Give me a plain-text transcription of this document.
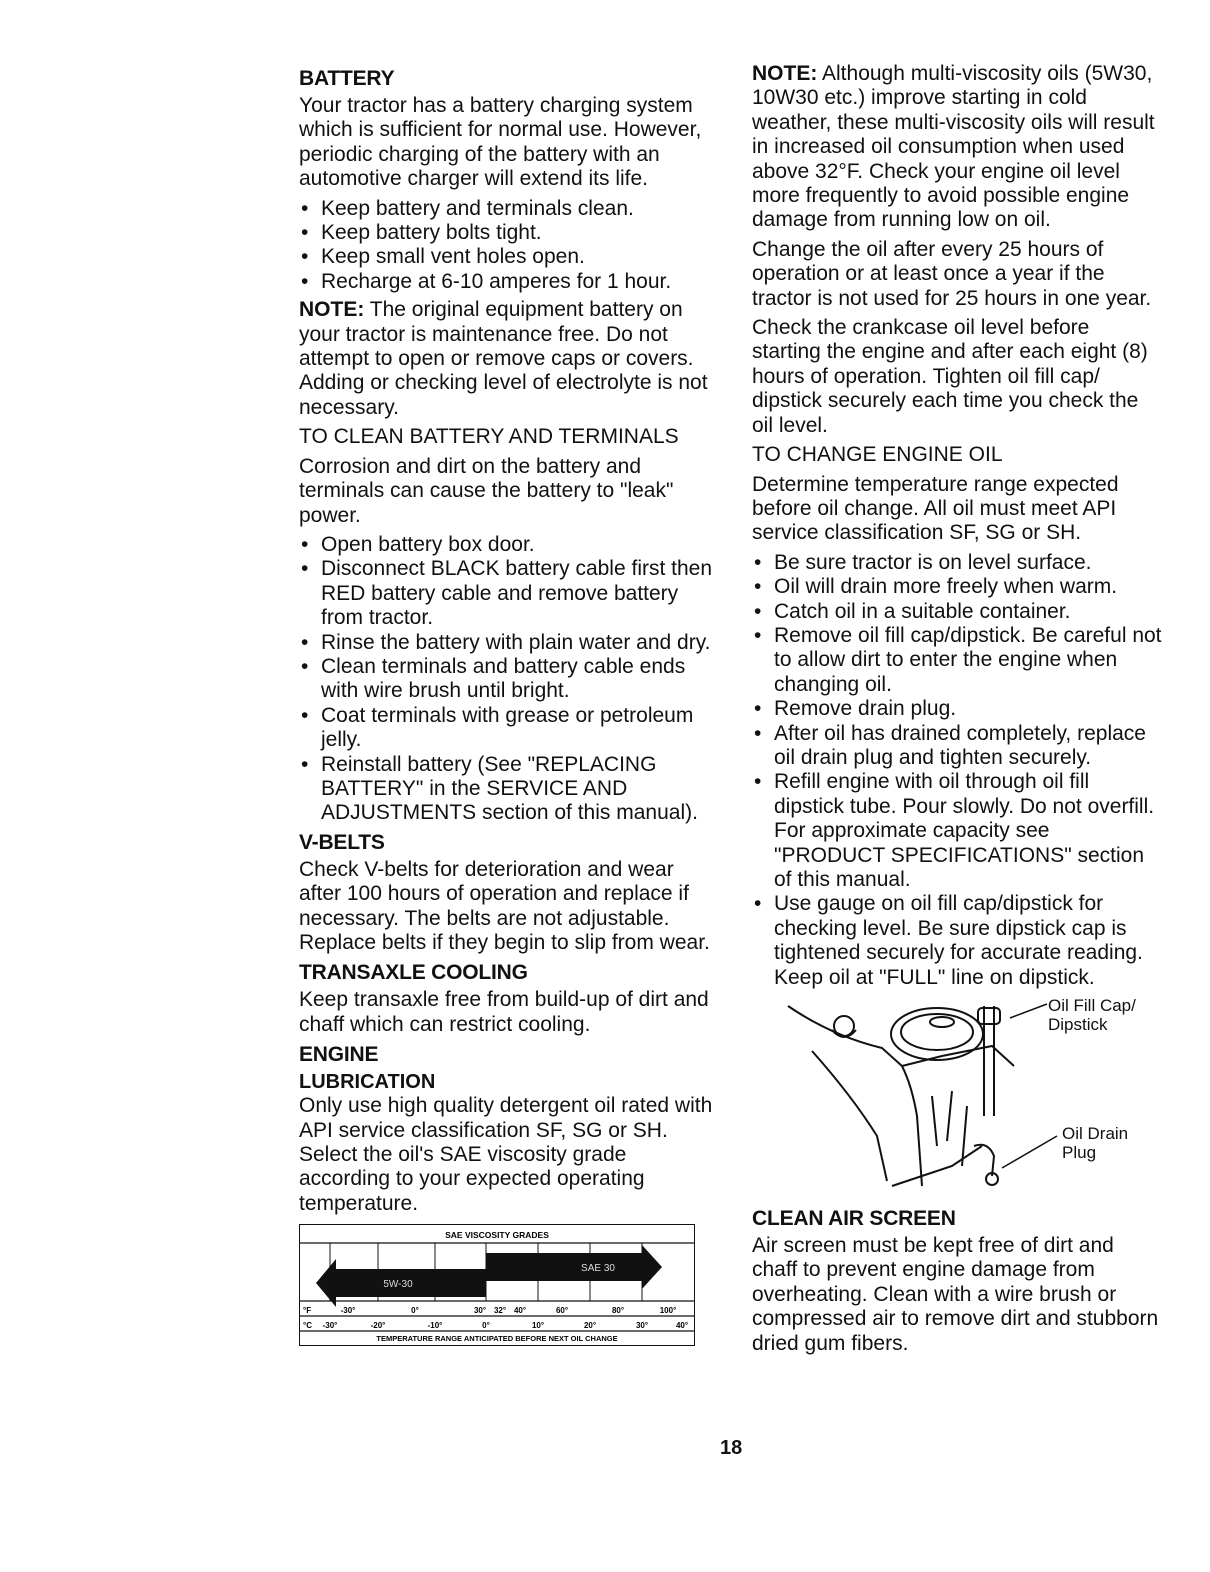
BATTERY

Your tractor has a battery charging system which is sufficient for normal use. However, periodic charging of the battery with an automotive charger will extend its life.

• Keep battery and terminals clean.
• Keep battery bolts tight.
• Keep small vent holes open.
• Recharge at 6-10 amperes for 1 hour.

NOTE: The original equipment battery on your tractor is maintenance free. Do not attempt to open or remove caps or covers. Adding or checking level of electrolyte is not necessary.

TO CLEAN BATTERY AND TERMINALS

Corrosion and dirt on the battery and terminals can cause the battery to "leak" power.

• Open battery box door.
• Disconnect BLACK battery cable first then RED battery cable and remove battery from tractor.
• Rinse the battery with plain water and dry.
• Clean terminals and battery cable ends with wire brush until bright.
• Coat terminals with grease or petroleum jelly.
• Reinstall battery (See "REPLACING BATTERY" in the SERVICE AND ADJUSTMENTS section of this manual).
V-BELTS

Check V-belts for deterioration and wear after 100 hours of operation and replace if necessary. The belts are not adjustable. Replace belts if they begin to slip from wear.

TRANSAXLE COOLING

Keep transaxle free from build-up of dirt and chaff which can restrict cooling.

ENGINE
LUBRICATION

Only use high quality detergent oil rated with API service classification SF, SG or SH. Select the oil's SAE viscosity grade according to your expected operating temperature.

SAE VISCOSITY GRADES
SAE 30
5W-30
°F	-30°	0°	30° 32° 40°	60°	80°	100°
°C -30°	-20°	-10°	0°	10°	20°	30°	40°
TEMPERATURE RANGE ANTICIPATED BEFORE NEXT OIL CHANGE

NOTE: Although multi-viscosity oils (5W30, 10W30 etc.) improve starting in cold weather, these multi-viscosity oils will result in increased oil consumption when used above 32°F. Check your engine oil level more frequently to avoid possible engine damage from running low on oil.

Change the oil after every 25 hours of operation or at least once a year if the tractor is not used for 25 hours in one year.

Check the crankcase oil level before starting the engine and after each eight (8) hours of operation. Tighten oil fill cap/ dipstick securely each time you check the oil level.

TO CHANGE ENGINE OIL

Determine temperature range expected before oil change. All oil must meet API service classification SF, SG or SH.

• Be sure tractor is on level surface.
• Oil will drain more freely when warm.
• Catch oil in a suitable container.
• Remove oil fill cap/dipstick. Be careful not to allow dirt to enter the engine when changing oil.
• Remove drain plug.
• After oil has drained completely, replace oil drain plug and tighten securely.
• Refill engine with oil through oil fill dipstick tube. Pour slowly. Do not overfill. For approximate capacity see "PRODUCT SPECIFICATIONS" section of this manual.
• Use gauge on oil fill cap/dipstick for checking level. Be sure dipstick cap is tightened securely for accurate reading. Keep oil at "FULL" line on dipstick.
Oil Fill Cap/ Dipstick
Oil Drain Plug
CLEAN AIR SCREEN

Air screen must be kept free of dirt and chaff to prevent engine damage from overheating. Clean with a wire brush or compressed air to remove dirt and stubborn dried gum fibers.

18
